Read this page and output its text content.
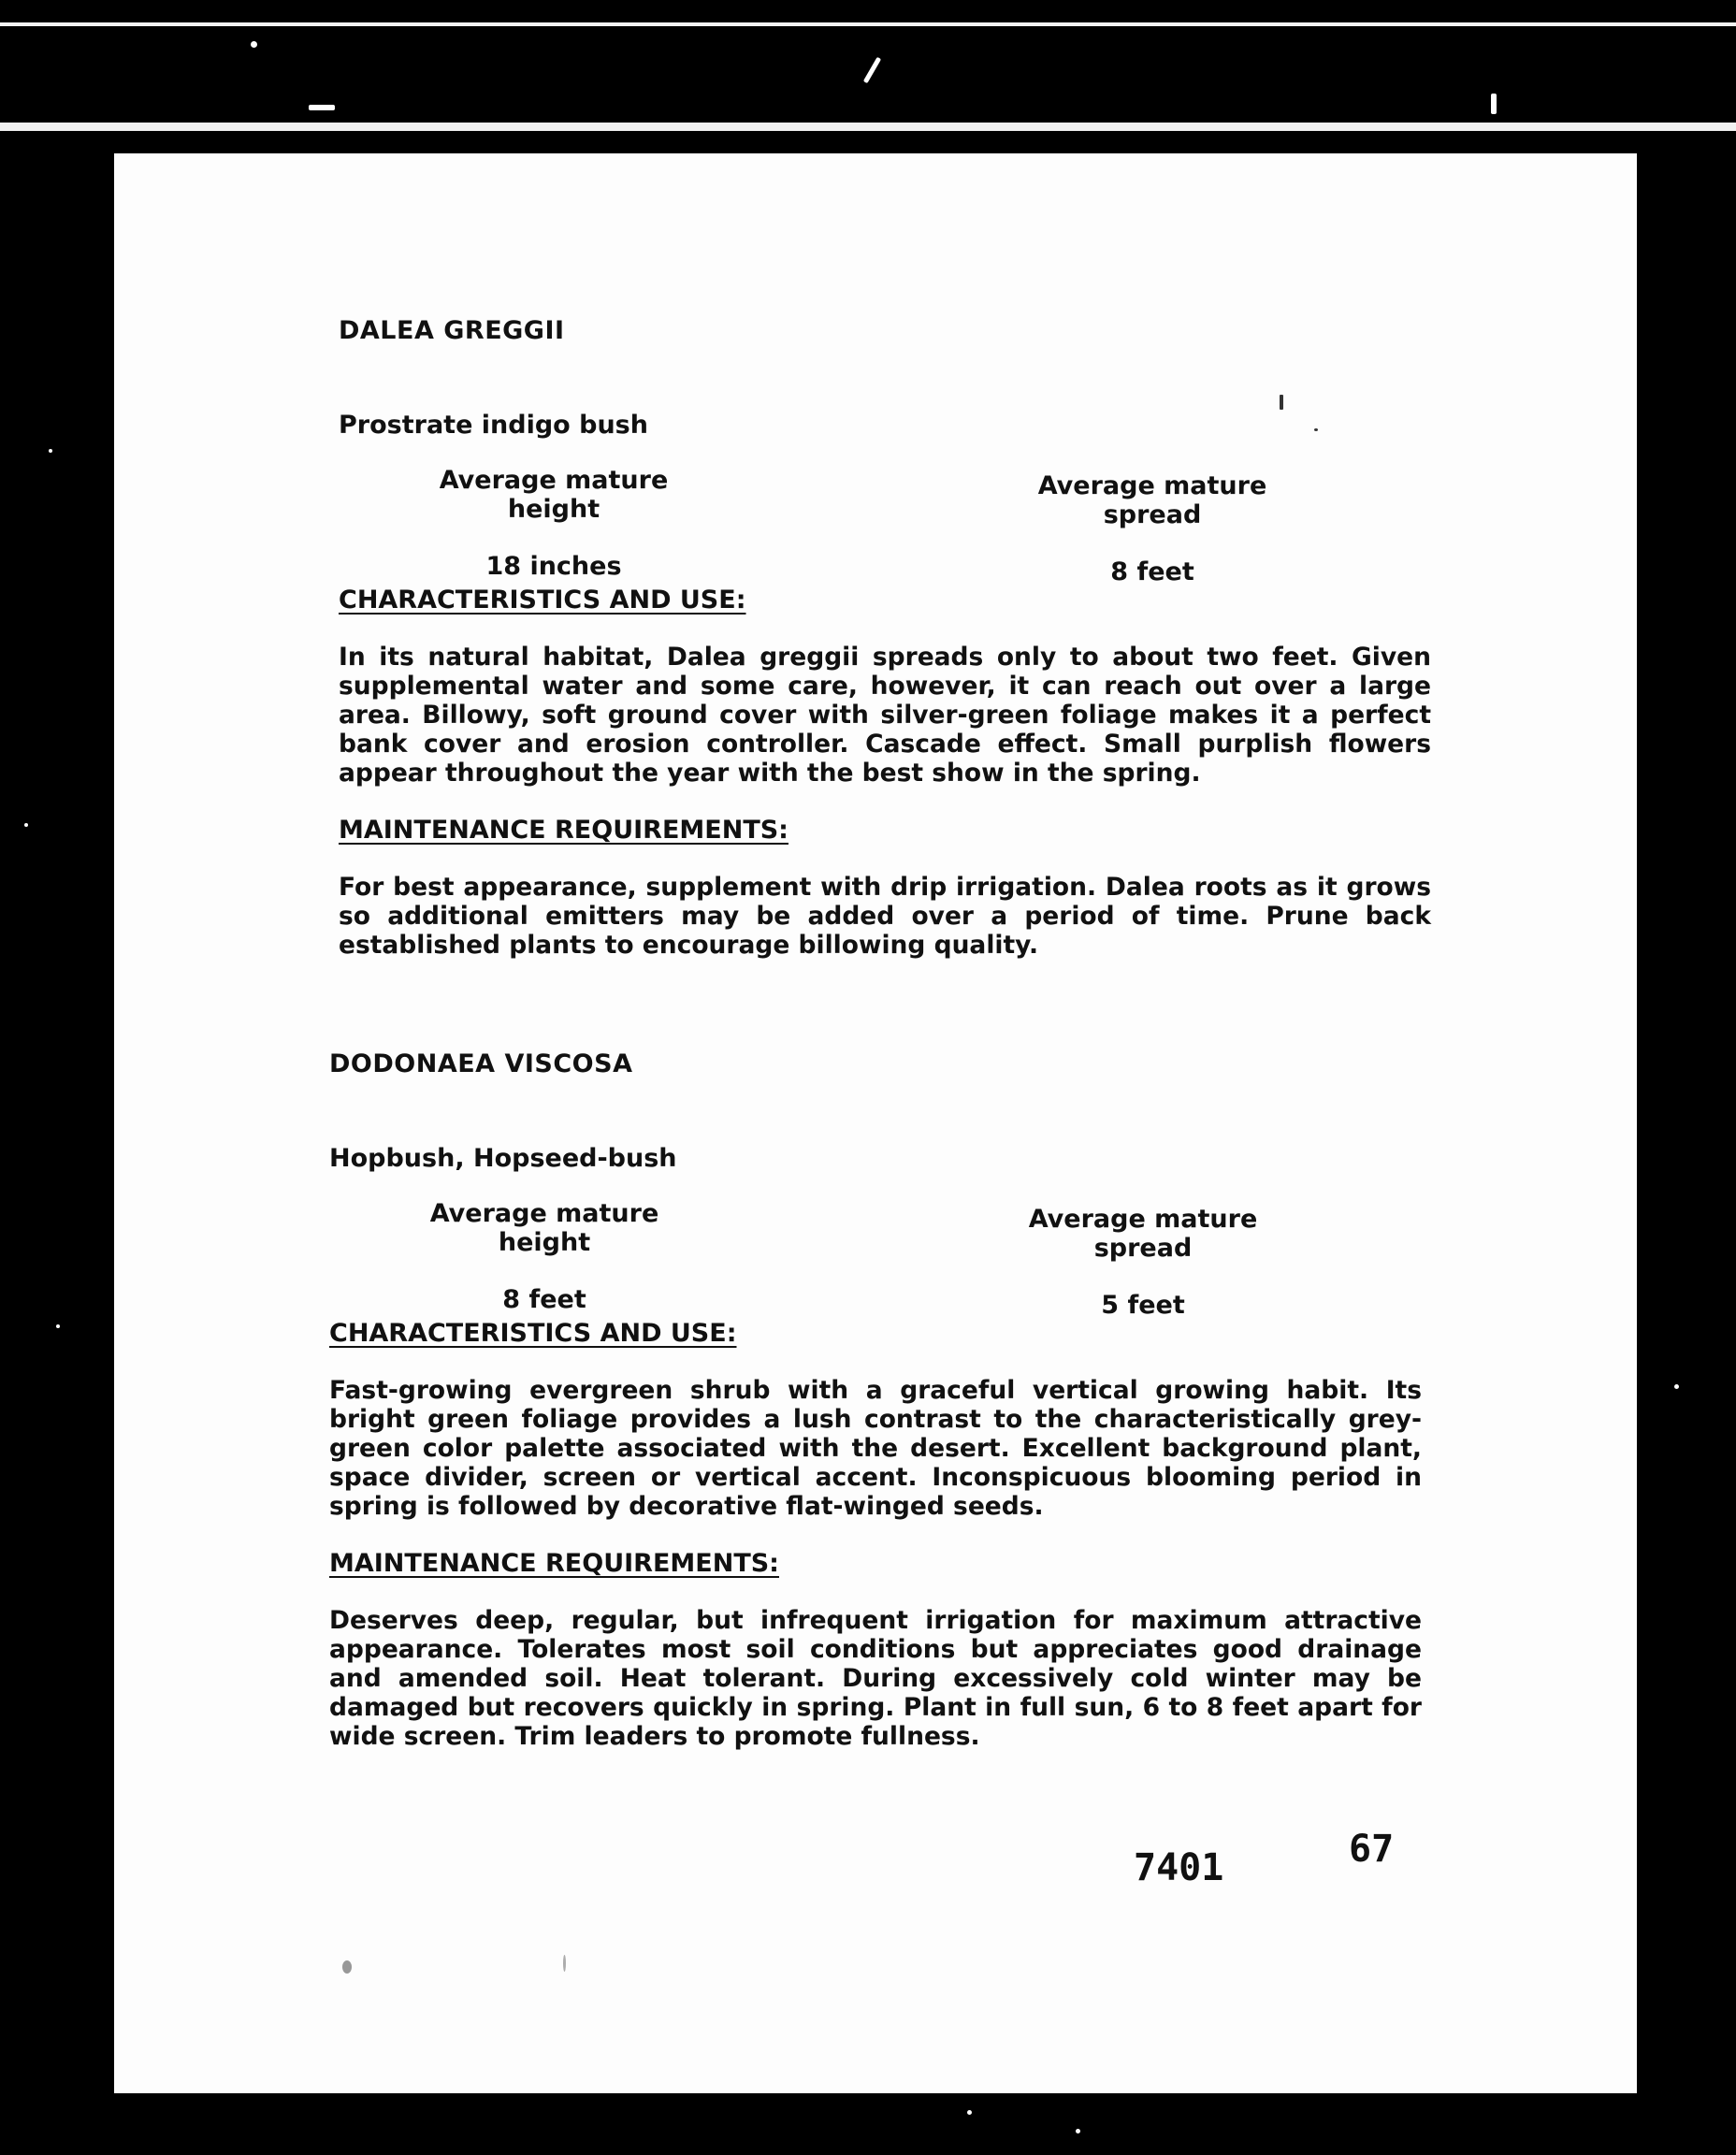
DALEA GREGGII
Prostrate indigo bush

Average mature height

18 inches

Average mature spread

8 feet

CHARACTERISTICS AND USE:

In its natural habitat, Dalea greggii spreads only to about two feet. Given supplemental water and some care, however, it can reach out over a large area. Billowy, soft ground cover with silver-green foliage makes it a perfect bank cover and erosion controller. Cascade effect. Small purplish flowers appear throughout the year with the best show in the spring.

MAINTENANCE REQUIREMENTS:

For best appearance, supplement with drip irrigation. Dalea roots as it grows so additional emitters may be added over a period of time. Prune back established plants to encourage billowing quality.

DODONAEA VISCOSA
Hopbush, Hopseed-bush

Average mature height

8 feet

Average mature spread

5 feet

CHARACTERISTICS AND USE:

Fast-growing evergreen shrub with a graceful vertical growing habit. Its bright green foliage provides a lush contrast to the characteristically grey-green color palette associated with the desert. Excellent background plant, space divider, screen or vertical accent. Inconspicuous blooming period in spring is followed by decorative flat-winged seeds.

MAINTENANCE REQUIREMENTS:

Deserves deep, regular, but infrequent irrigation for maximum attractive appearance. Tolerates most soil conditions but appreciates good drainage and amended soil. Heat tolerant. During excessively cold winter may be damaged but recovers quickly in spring. Plant in full sun, 6 to 8 feet apart for wide screen. Trim leaders to promote fullness.

7401	67
